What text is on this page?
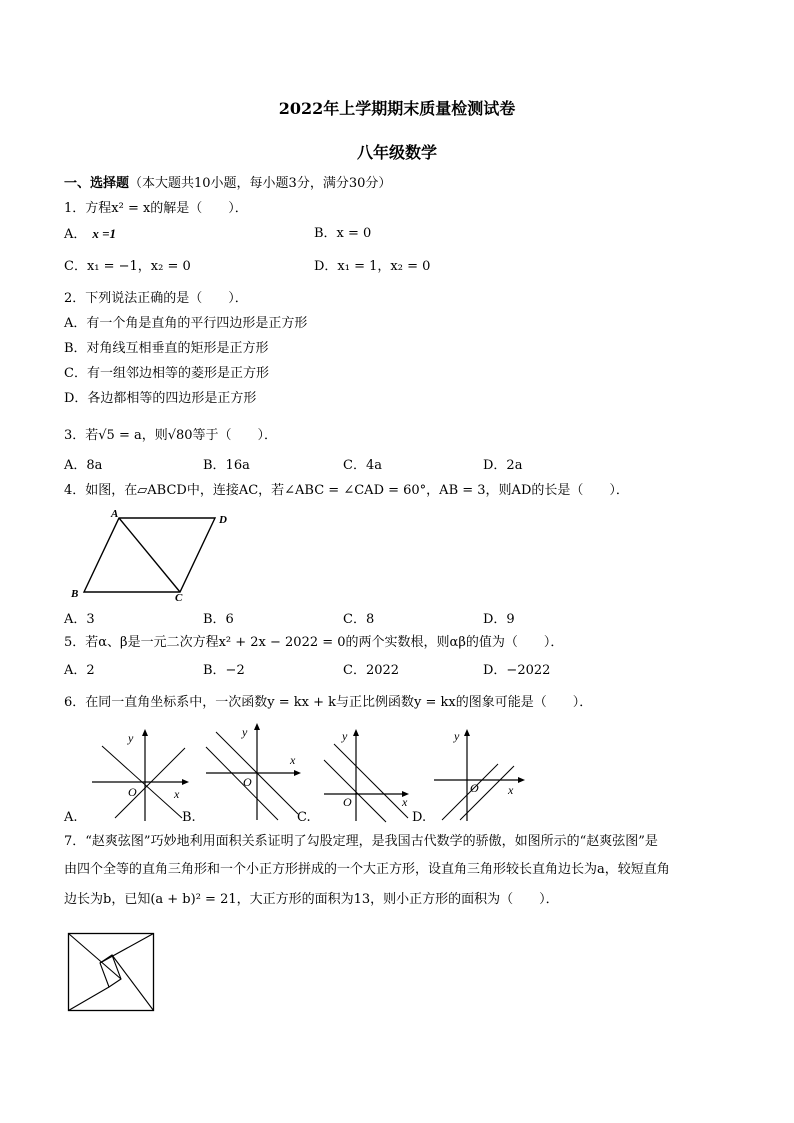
2022年上学期期末质量检测试卷
八年级数学
一、选择题（本大题共10小题，每小题3分，满分30分）
1．方程x² = x的解是（　　）．
A． x =1	B．x = 0
C．x₁ = −1，x₂ = 0	D．x₁ = 1，x₂ = 0
2．下列说法正确的是（　　）．
A．有一个角是直角的平行四边形是正方形
B．对角线互相垂直的矩形是正方形
C．有一组邻边相等的菱形是正方形
D．各边都相等的四边形是正方形
3．若√5 = a，则√80等于（　　）．
A．8a	B．16a	C．4a	D．2a
4．如图，在▱ABCD中，连接AC，若∠ABC = ∠CAD = 60°，AB = 3，则AD的长是（　　）．
A	D
B	C
A．3	B．6	C．8	D．9
5．若α、β是一元二次方程x² + 2x − 2022 = 0的两个实数根，则αβ的值为（　　）．
A．2	B．−2	C．2022	D．−2022
6．在同一直角坐标系中，一次函数y = kx + k与正比例函数y = kx的图象可能是（　　）．
x
y
O
A.
x
y
O
B.
x
y
O
C.
x
y
O
D.
7．“赵爽弦图”巧妙地利用面积关系证明了勾股定理，是我国古代数学的骄傲，如图所示的“赵爽弦图”是
由四个全等的直角三角形和一个小正方形拼成的一个大正方形，设直角三角形较长直角边长为a，较短直角
边长为b，已知(a + b)² = 21，大正方形的面积为13，则小正方形的面积为（　　）．
